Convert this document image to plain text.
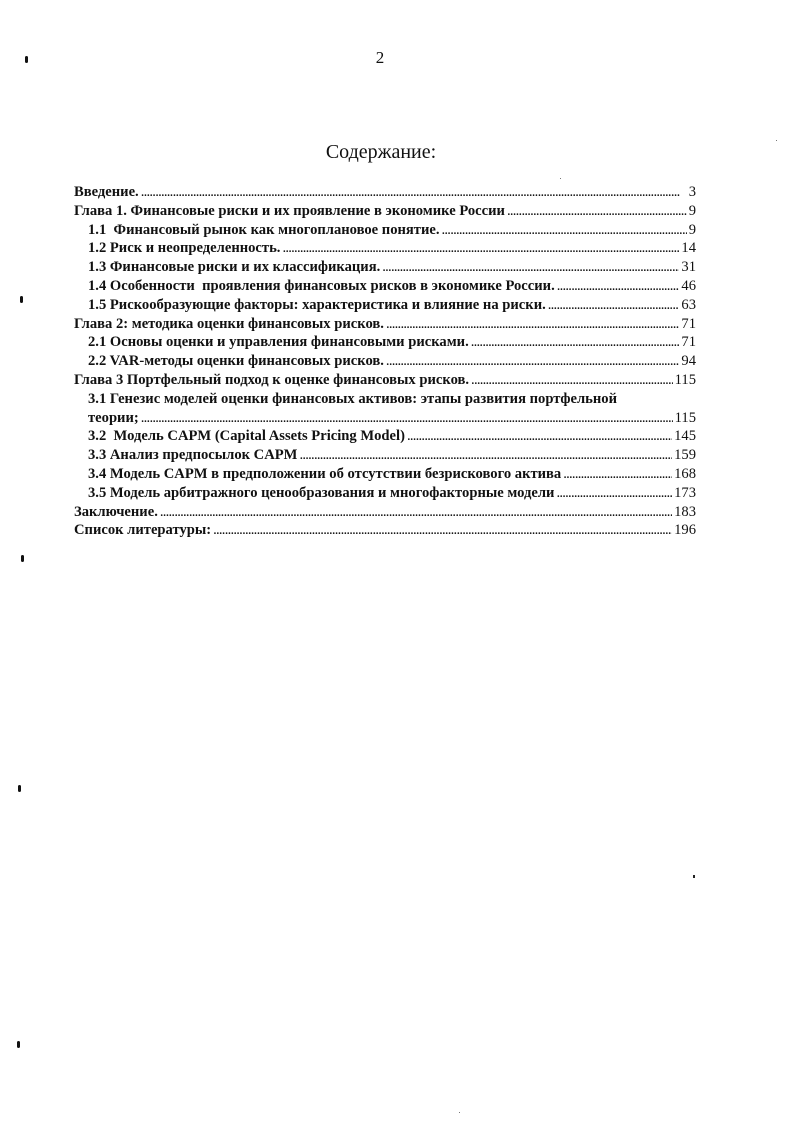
2
Содержание:
Введение. . . .	3
Глава 1. Финансовые риски и их проявление в экономике России . . .	9
1.1  Финансовый рынок как многоплановое понятие. . . .	9
1.2 Риск и неопределенность. . . .	14
1.3 Финансовые риски и их классификация. . . .	31
1.4 Особенности  проявления финансовых рисков в экономике России. . . .	46
1.5 Рискообразующие факторы: характеристика и влияние на риски. . . .	63
Глава 2: методика оценки финансовых рисков. . . .	71
2.1 Основы оценки и управления финансовыми рисками. . . .	71
2.2 VAR-методы оценки финансовых рисков. . . .	94
Глава 3 Портфельный подход к оценке финансовых рисков. . . .	115
3.1 Генезис моделей оценки финансовых активов: этапы развития портфельной
теории; . . .	115
3.2  Модель CAPM (Capital Assets Pricing Model) . . .	145
3.3 Анализ предпосылок CAPM . . .	159
3.4 Модель CAPM в предположении об отсутствии безрискового актива . . .	168
3.5 Модель арбитражного ценообразования и многофакторные модели . . .	173
Заключение. . . .	183
Список литературы: . . .	196
